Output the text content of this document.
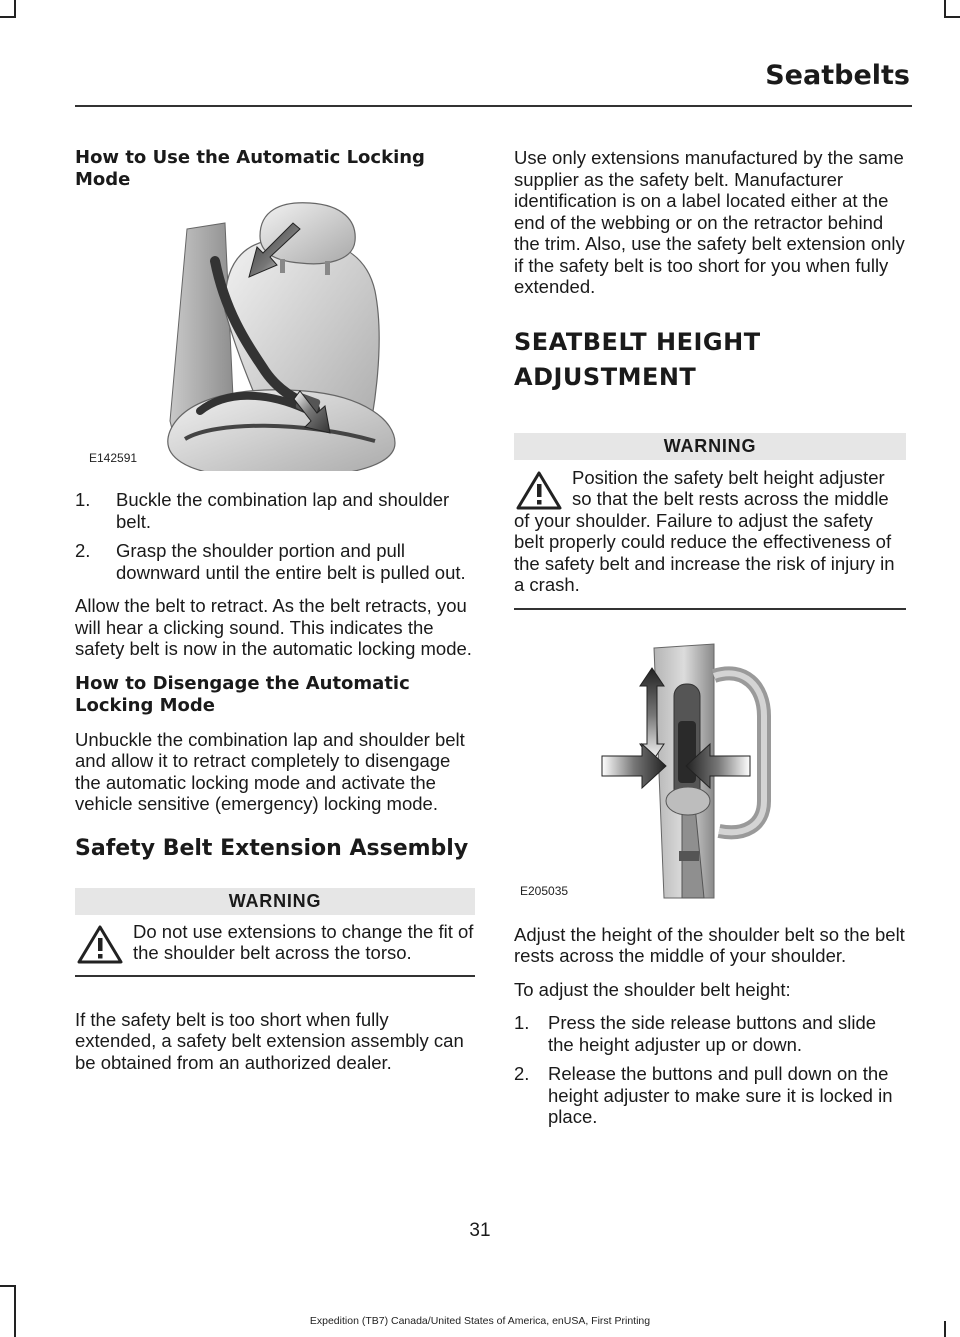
Seatbelts
How to Use the Automatic Locking Mode
E142591
1. Buckle the combination lap and shoulder belt.
2. Grasp the shoulder portion and pull downward until the entire belt is pulled out.

Allow the belt to retract. As the belt retracts, you will hear a clicking sound. This indicates the safety belt is now in the automatic locking mode.

How to Disengage the Automatic Locking Mode

Unbuckle the combination lap and shoulder belt and allow it to retract completely to disengage the automatic locking mode and activate the vehicle sensitive (emergency) locking mode.

Safety Belt Extension Assembly
WARNING
Do not use extensions to change the fit of the shoulder belt across the torso.

If the safety belt is too short when fully extended, a safety belt extension assembly can be obtained from an authorized dealer.

Use only extensions manufactured by the same supplier as the safety belt. Manufacturer identification is on a label located either at the end of the webbing or on the retractor behind the trim. Also, use the safety belt extension only if the safety belt is too short for you when fully extended.

SEATBELT HEIGHT
ADJUSTMENT
WARNING
Position the safety belt height adjuster so that the belt rests across the middle of your shoulder. Failure to adjust the safety belt properly could reduce the effectiveness of the safety belt and increase the risk of injury in a crash.
E205035

Adjust the height of the shoulder belt so the belt rests across the middle of your shoulder.

To adjust the shoulder belt height:

1. Press the side release buttons and slide the height adjuster up or down.
2. Release the buttons and pull down on the height adjuster to make sure it is locked in place.
31
Expedition (TB7) Canada/United States of America, enUSA, First Printing
